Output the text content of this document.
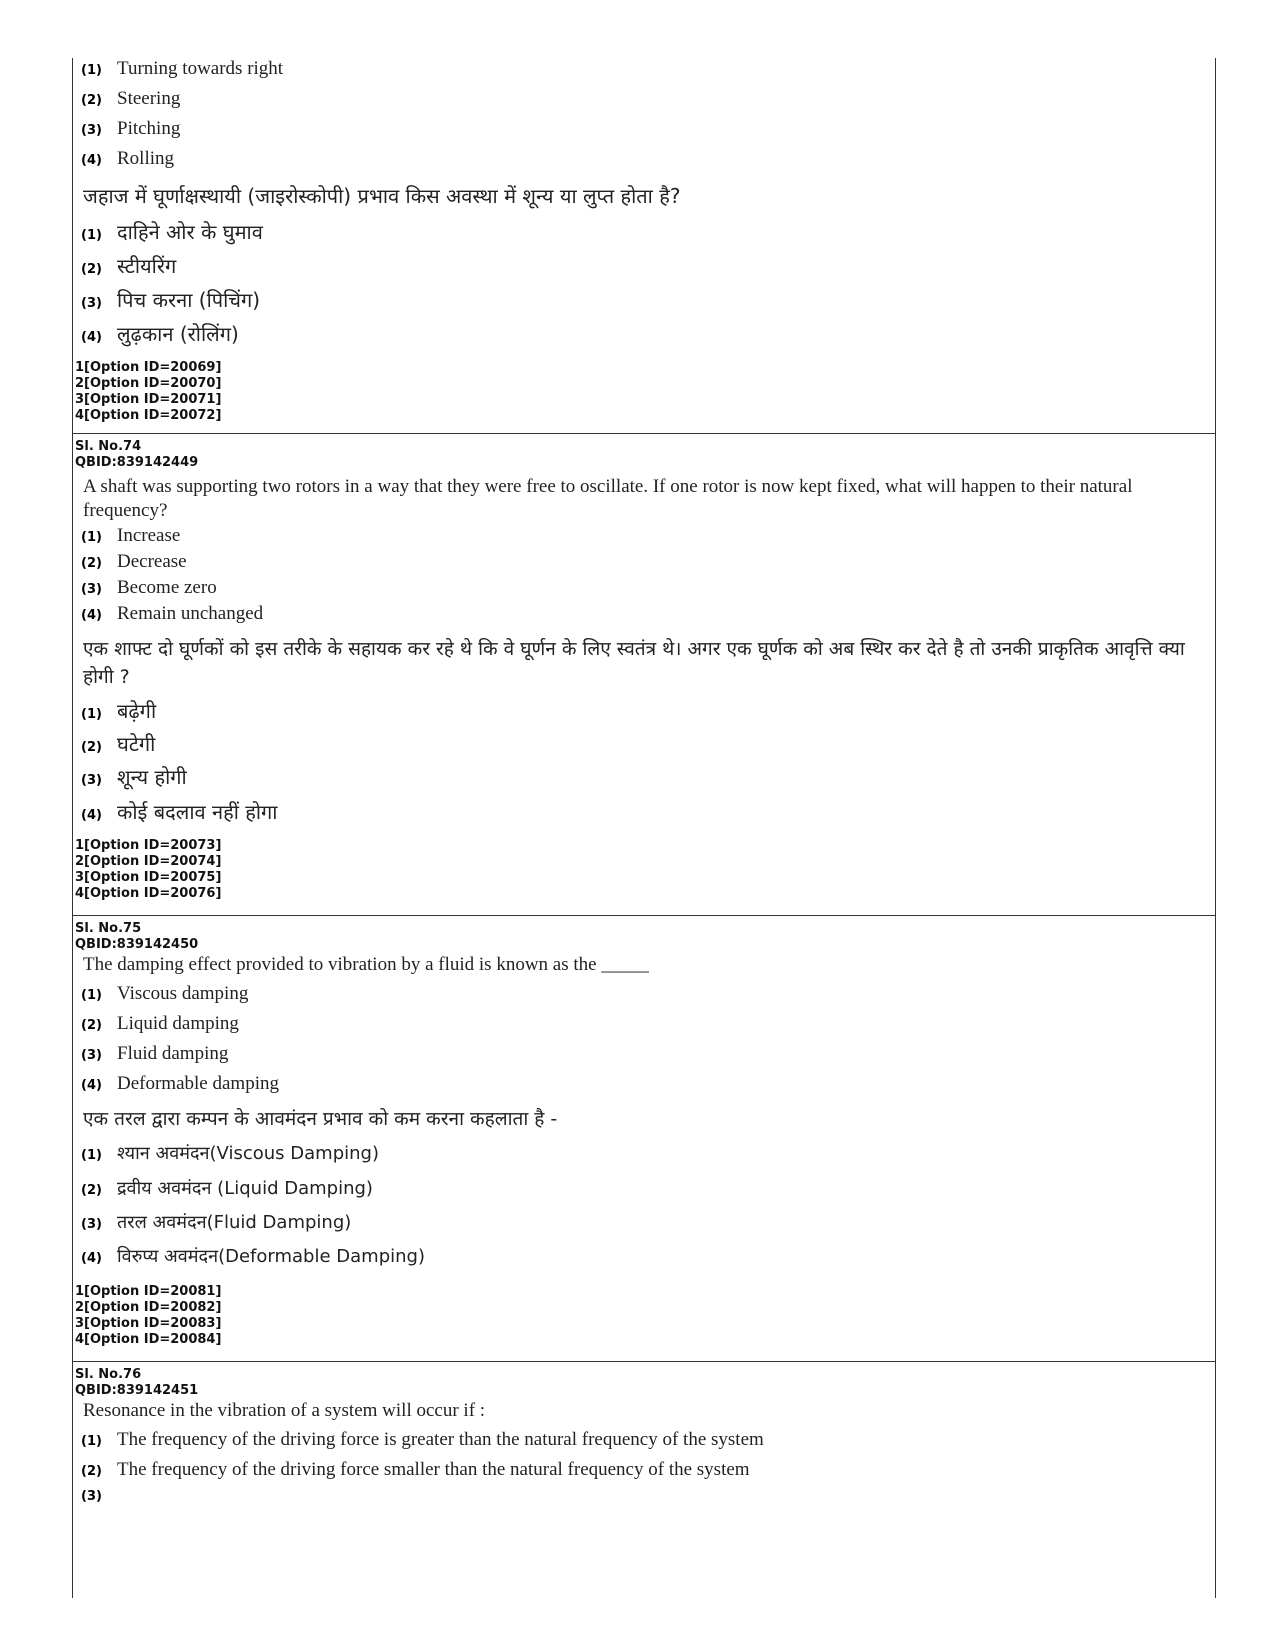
(1) Turning towards right
(2) Steering
(3) Pitching
(4) Rolling
जहाज में घूर्णाक्षस्थायी (जाइरोस्कोपी) प्रभाव किस अवस्था में शून्य या लुप्त होता है?
(1) दाहिने ओर के घुमाव
(2) स्टीयरिंग
(3) पिच करना (पिचिंग)
(4) लुढ़कान (रोलिंग)
1[Option ID=20069]
2[Option ID=20070]
3[Option ID=20071]
4[Option ID=20072]
Sl. No.74
QBID:839142449
A shaft was supporting two rotors in a way that they were free to oscillate. If one rotor is now kept fixed, what will happen to their natural frequency?
(1) Increase
(2) Decrease
(3) Become zero
(4) Remain unchanged
एक शाफ्ट दो घूर्णकों को इस तरीके के सहायक कर रहे थे कि वे घूर्णन के लिए स्वतंत्र थे। अगर एक घूर्णक को अब स्थिर कर देते है तो उनकी प्राकृतिक आवृत्ति क्या होगी ?
(1) बढ़ेगी
(2) घटेगी
(3) शून्य होगी
(4) कोई बदलाव नहीं होगा
1[Option ID=20073]
2[Option ID=20074]
3[Option ID=20075]
4[Option ID=20076]
Sl. No.75
QBID:839142450
The damping effect provided to vibration by a fluid is known as the _____
(1) Viscous damping
(2) Liquid damping
(3) Fluid damping
(4) Deformable damping
एक तरल द्वारा कम्पन के आवमंदन प्रभाव को कम करना कहलाता है -
(1) श्यान अवमंदन(Viscous Damping)
(2) द्रवीय अवमंदन (Liquid Damping)
(3) तरल अवमंदन(Fluid Damping)
(4) विरुप्य अवमंदन(Deformable Damping)
1[Option ID=20081]
2[Option ID=20082]
3[Option ID=20083]
4[Option ID=20084]
Sl. No.76
QBID:839142451
Resonance in the vibration of a system will occur if :
(1) The frequency of the driving force is greater than the natural frequency of the system
(2) The frequency of the driving force smaller than the natural frequency of the system
(3)
